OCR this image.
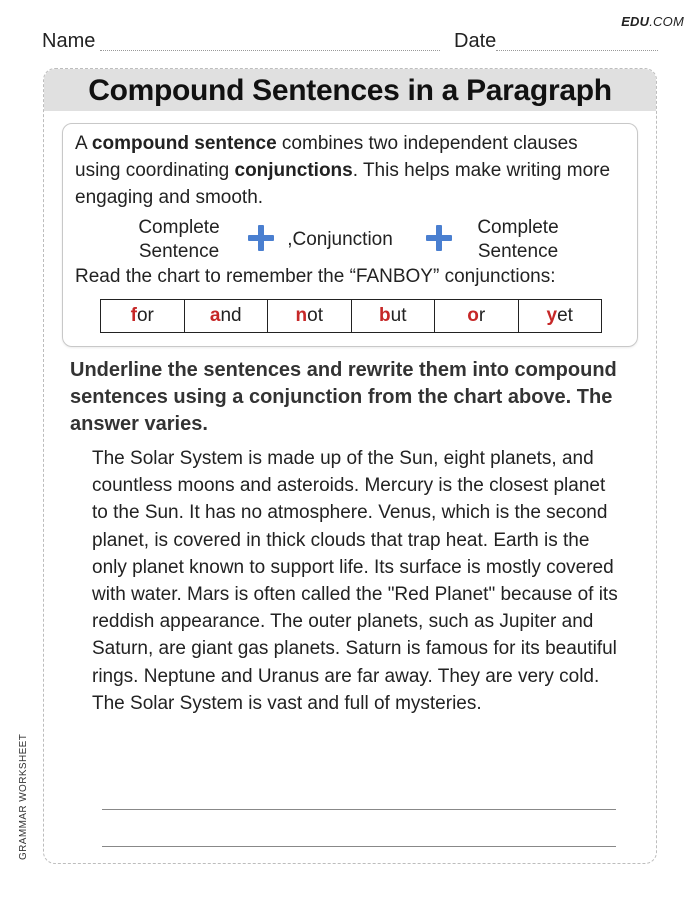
EDU.COM
Name	Date
Compound Sentences in a Paragraph

A compound sentence combines two independent clauses using coordinating conjunctions. This helps make writing more engaging and smooth.

Complete
Sentence
,Conjunction
Complete
Sentence
Read the chart to remember the “FANBOY” conjunctions:
for	and	not	but	or	yet

Underline the sentences and rewrite them into compound sentences using a conjunction from the chart above. The answer varies.

The Solar System is made up of the Sun, eight planets, and countless moons and asteroids. Mercury is the closest planet to the Sun. It has no atmosphere. Venus, which is the second planet, is covered in thick clouds that trap heat. Earth is the only planet known to support life. Its surface is mostly covered with water. Mars is often called the "Red Planet" because of its reddish appearance. The outer planets, such as Jupiter and Saturn, are giant gas planets. Saturn is famous for its beautiful rings. Neptune and Uranus are far away. They are very cold. The Solar System is vast and full of mysteries.

GRAMMAR WORKSHEET
